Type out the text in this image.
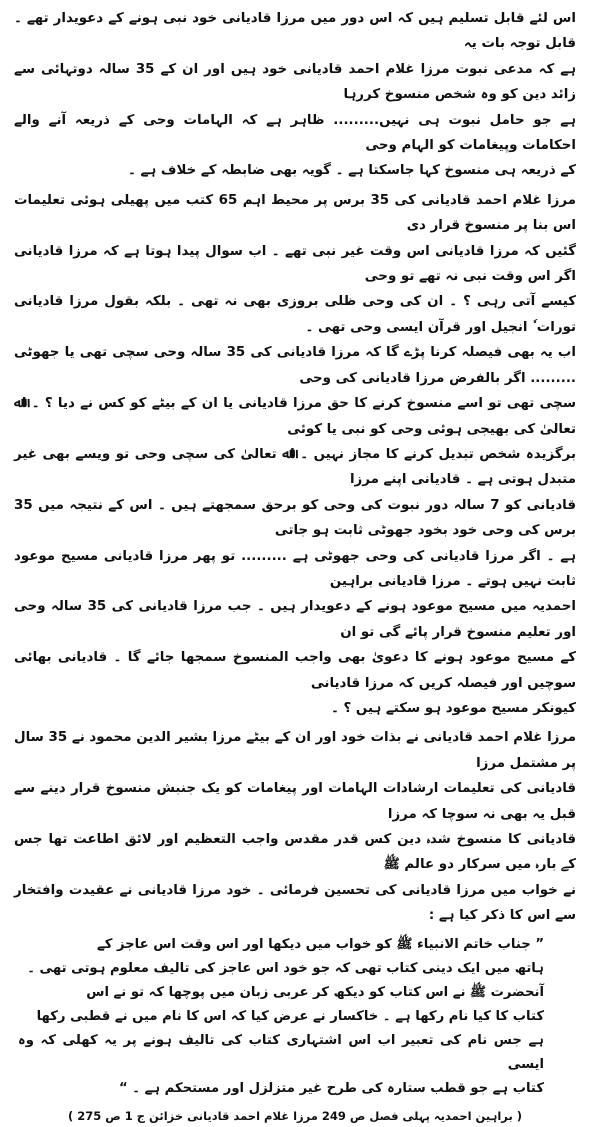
اس لئے قابل تسلیم ہیں کہ اس دور میں مرزا قادیانی خود نبی ہونے کے دعویدار تھے ۔ قابل توجہ بات یہ

ہے کہ مدعی نبوت مرزا غلام احمد قادیانی خود ہیں اور ان کے 35 سالہ دوتہائی سے زائد دین کو وہ شخص منسوخ کررہا

ہے جو حامل نبوت ہی نہیں......... ظاہر ہے کہ الہامات وحی کے ذریعہ آنے والے احکامات وپیغامات کو الہام وحی

کے ذریعہ ہی منسوخ کہا جاسکتا ہے ۔ گویہ بھی ضابطہ کے خلاف ہے ۔

مرزا غلام احمد قادیانی کی 35 برس پر محیط اہم 65 کتب میں پھیلی ہوئی تعلیمات اس بنا پر منسوخ قرار دی

گئیں کہ مرزا قادیانی اس وقت غیر نبی تھے ۔ اب سوال پیدا ہوتا ہے کہ مرزا قادیانی اگر اس وقت نبی نہ تھے تو وحی

کیسے آتی رہی ؟ ۔ ان کی وحی ظلی بروزی بھی نہ تھی ۔ بلکہ بقول مرزا قادیانی تورات ٗ انجیل اور قرآن ایسی وحی تھی ۔

اب یہ بھی فیصلہ کرنا پڑے گا کہ مرزا قادیانی کی 35 سالہ وحی سچی تھی یا جھوٹی ......... اگر بالفرض مرزا قادیانی کی وحی

سچی تھی تو اسے منسوخ کرنے کا حق مرزا قادیانی یا ان کے بیٹے کو کس نے دیا ؟ ۔ اﷲ تعالیٰ کی بھیجی ہوئی وحی کو نبی یا کوئی

برگزیدہ شخص تبدیل کرنے کا مجاز نہیں ۔ اﷲ تعالیٰ کی سچی وحی تو ویسے بھی غیر متبدل ہوتی ہے ۔ قادیانی اپنے مرزا

قادیانی کو 7 سالہ دور نبوت کی وحی کو برحق سمجھتے ہیں ۔ اس کے نتیجہ میں 35 برس کی وحی خود بخود جھوٹی ثابت ہو جاتی

ہے ۔ اگر مرزا قادیانی کی وحی جھوٹی ہے ......... تو پھر مرزا قادیانی مسیح موعود ثابت نہیں ہوتے ۔ مرزا قادیانی براہین

احمدیہ میں مسیح موعود ہونے کے دعویدار ہیں ۔ جب مرزا قادیانی کی 35 سالہ وحی اور تعلیم منسوخ قرار پائے گی تو ان

کے مسیح موعود ہونے کا دعویٰ بھی واجب المنسوخ سمجھا جائے گا ۔ قادیانی بھائی سوچیں اور فیصلہ کریں کہ مرزا قادیانی

کیونکر مسیح موعود ہو سکتے ہیں ؟ ۔

مرزا غلام احمد قادیانی نے بذات خود اور ان کے بیٹے مرزا بشیر الدین محمود نے 35 سال پر مشتمل مرزا

قادیانی کی تعلیمات ارشادات الہامات اور پیغامات کو یک جنبش منسوخ قرار دینے سے قبل یہ بھی نہ سوچا کہ مرزا

قادیانی کا منسوخ شدہ دین کس قدر مقدس واجب التعظیم اور لائق اطاعت تھا جس کے بارہ میں سرکار دو عالم ﷺ

نے خواب میں مرزا قادیانی کی تحسین فرمائی ۔ خود مرزا قادیانی نے عقیدت وافتخار سے اس کا ذکر کیا ہے :

” جناب خاتم الانبیاء ﷺ کو خواب میں دیکھا اور اس وقت اس عاجز کے

ہاتھ میں ایک دینی کتاب تھی کہ جو خود اس عاجز کی تالیف معلوم ہوتی تھی ۔

آنحضرت ﷺ نے اس کتاب کو دیکھ کر عربی زبان میں پوچھا کہ تو نے اس

کتاب کا کیا نام رکھا ہے ۔ خاکسار نے عرض کیا کہ اس کا نام میں نے قطبی رکھا

ہے جس نام کی تعبیر اب اس اشتہاری کتاب کی تالیف ہونے پر یہ کھلی کہ وہ ایسی

کتاب ہے جو قطب ستارہ کی طرح غیر متزلزل اور مستحکم ہے ۔ “

( براہین احمدیہ پہلی فصل ص 249 مرزا غلام احمد قادیانی خزائن ج 1 ص 275 )
